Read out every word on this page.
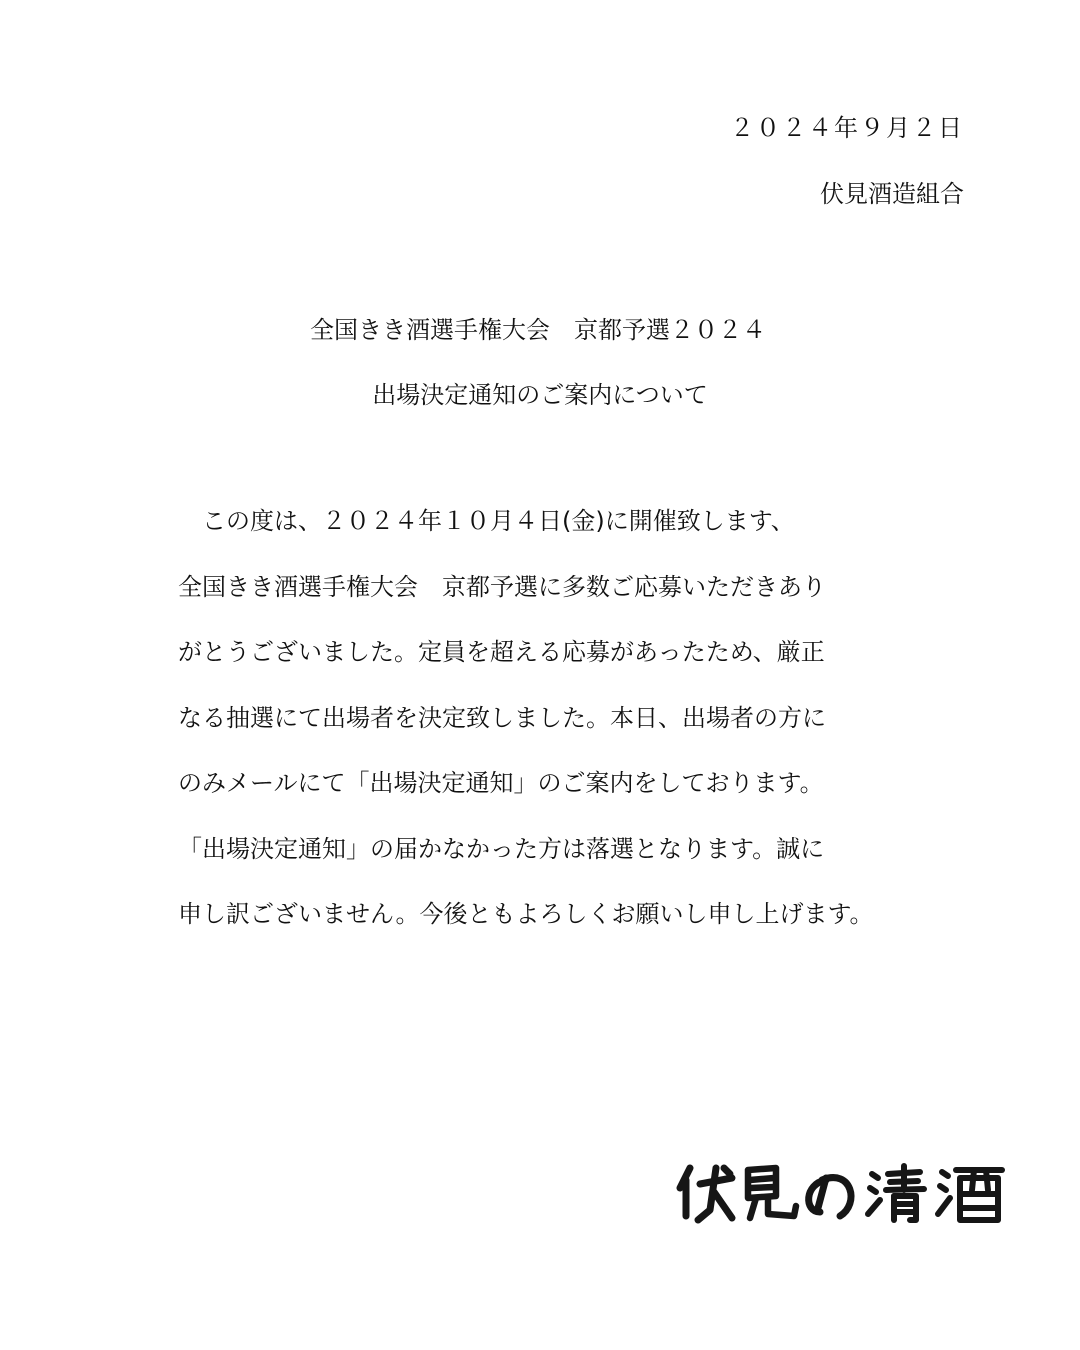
２０２４年９月２日
伏見酒造組合
全国きき酒選手権大会　京都予選２０２４
出場決定通知のご案内について
　この度は、２０２４年１０月４日(金)に開催致します、
全国きき酒選手権大会　京都予選に多数ご応募いただきあり
がとうございました。定員を超える応募があったため、厳正
なる抽選にて出場者を決定致しました。本日、出場者の方に
のみメールにて「出場決定通知」のご案内をしております。
「出場決定通知」の届かなかった方は落選となります。誠に
申し訳ございません。今後ともよろしくお願いし申し上げます。
